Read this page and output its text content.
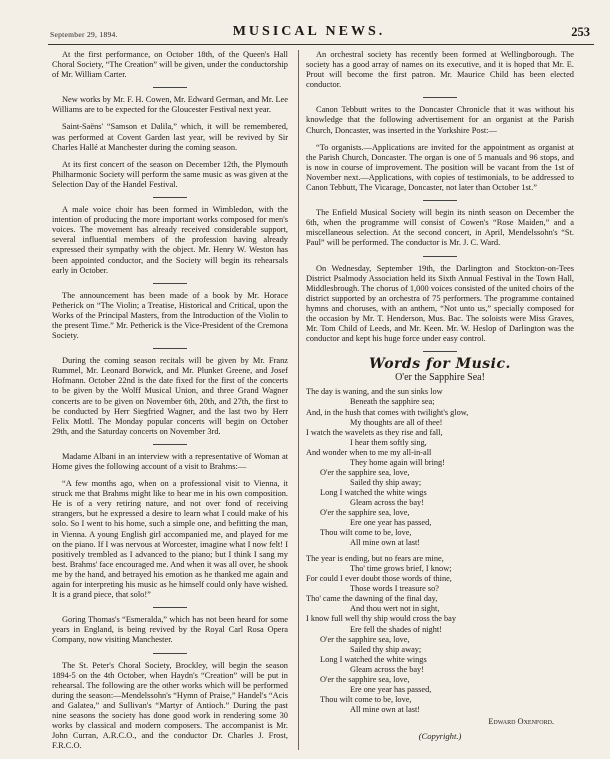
September 29, 1894.	MUSICAL NEWS.	253

At the first performance, on October 18th, of the Queen's Hall Choral Society, “The Creation” will be given, under the conductorship of Mr. William Carter.

New works by Mr. F. H. Cowen, Mr. Edward German, and Mr. Lee Williams are to be expected for the Gloucester Festival next year.

Saint-Saëns' “Samson et Dalila,” which, it will be remembered, was performed at Covent Garden last year, will be revived by Sir Charles Hallé at Manchester during the coming season.

At its first concert of the season on December 12th, the Plymouth Philharmonic Society will perform the same music as was given at the Selection Day of the Handel Festival.

A male voice choir has been formed in Wimbledon, with the intention of producing the more important works composed for men's voices. The movement has already received considerable support, several influential members of the profession having already expressed their sympathy with the object. Mr. Henry W. Weston has been appointed conductor, and the Society will begin its rehearsals early in October.

The announcement has been made of a book by Mr. Horace Petherick on “The Violin; a Treatise, Historical and Critical, upon the Works of the Principal Masters, from the Introduction of the Violin to the present Time.” Mr. Petherick is the Vice-President of the Cremona Society.

During the coming season recitals will be given by Mr. Franz Rummel, Mr. Leonard Borwick, and Mr. Plunket Greene, and Josef Hofmann. October 22nd is the date fixed for the first of the concerts to be given by the Wolff Musical Union, and three Grand Wagner concerts are to be given on November 6th, 20th, and 27th, the first to be conducted by Herr Siegfried Wagner, and the last two by Herr Felix Mottl. The Monday popular concerts will begin on October 29th, and the Saturday concerts on November 3rd.

Madame Albani in an interview with a representative of Woman at Home gives the following account of a visit to Brahms:—

“A few months ago, when on a professional visit to Vienna, it struck me that Brahms might like to hear me in his own composition. He is of a very retiring nature, and not over fond of receiving strangers, but he expressed a desire to learn what I could make of his solo. So I went to his home, such a simple one, and befitting the man, in Vienna. A young English girl accompanied me, and played for me on the piano. If I was nervous at Worcester, imagine what I now felt! I positively trembled as I advanced to the piano; but I think I sang my best. Brahms' face encouraged me. And when it was all over, he shook me by the hand, and betrayed his emotion as he thanked me again and again for interpreting his music as he himself could only have wished. It is a grand piece, that solo!”

Goring Thomas's “Esmeralda,” which has not been heard for some years in England, is being revived by the Royal Carl Rosa Opera Company, now visiting Manchester.

The St. Peter's Choral Society, Brockley, will begin the season 1894-5 on the 4th October, when Haydn's “Creation” will be put in rehearsal. The following are the other works which will be performed during the season:—Mendelssohn's “Hymn of Praise,” Handel's “Acis and Galatea,” and Sullivan's “Martyr of Antioch.” During the past nine seasons the society has done good work in rendering some 30 works by classical and modern composers. The accompanist is Mr. John Curran, A.R.C.O., and the conductor Dr. Charles J. Frost, F.R.C.O.

An orchestral society has recently been formed at Wellingborough. The society has a good array of names on its executive, and it is hoped that Mr. E. Prout will become the first patron. Mr. Maurice Child has been elected conductor.

Canon Tebbutt writes to the Doncaster Chronicle that it was without his knowledge that the following advertisement for an organist at the Parish Church, Doncaster, was inserted in the Yorkshire Post:—

“To organists.—Applications are invited for the appointment as organist at the Parish Church, Doncaster. The organ is one of 5 manuals and 96 stops, and is now in course of improvement. The position will be vacant from the 1st of November next.—Applications, with copies of testimonials, to be addressed to Canon Tebbutt, The Vicarage, Doncaster, not later than October 1st.”

The Enfield Musical Society will begin its ninth season on December the 6th, when the programme will consist of Cowen's “Rose Maiden,” and a miscellaneous selection. At the second concert, in April, Mendelssohn's “St. Paul” will be performed. The conductor is Mr. J. C. Ward.

On Wednesday, September 19th, the Darlington and Stockton-on-Tees District Psalmody Association held its Sixth Annual Festival in the Town Hall, Middlesbrough. The chorus of 1,000 voices consisted of the united choirs of the district supported by an orchestra of 75 performers. The programme contained hymns and choruses, with an anthem, “Not unto us,” specially composed for the occasion by Mr. T. Henderson, Mus. Bac. The soloists were Miss Graves, Mr. Tom Child of Leeds, and Mr. Keen. Mr. W. Heslop of Darlington was the conductor and kept his huge force under easy control.

Words for Music.
O'er the Sapphire Sea!
The day is waning, and the sun sinks low
Beneath the sapphire sea;
And, in the hush that comes with twilight's glow,
My thoughts are all of thee!
I watch the wavelets as they rise and fall,
I hear them softly sing,
And wonder when to me my all-in-all
They home again will bring!
O'er the sapphire sea, love,
Sailed thy ship away;
Long I watched the white wings
Gleam across the bay!
O'er the sapphire sea, love,
Ere one year has passed,
Thou wilt come to be, love,
All mine own at last!
The year is ending, but no fears are mine,
Tho' time grows brief, I know;
For could I ever doubt those words of thine,
Those words I treasure so?
Tho' came the dawning of the final day,
And thou wert not in sight,
I know full well thy ship would cross the bay
Ere fell the shades of night!
O'er the sapphire sea, love,
Sailed thy ship away;
Long I watched the white wings
Gleam across the bay!
O'er the sapphire sea, love,
Ere one year has passed,
Thou wilt come to be, love,
All mine own at last!
Edward Oxenford.
(Copyright.)
